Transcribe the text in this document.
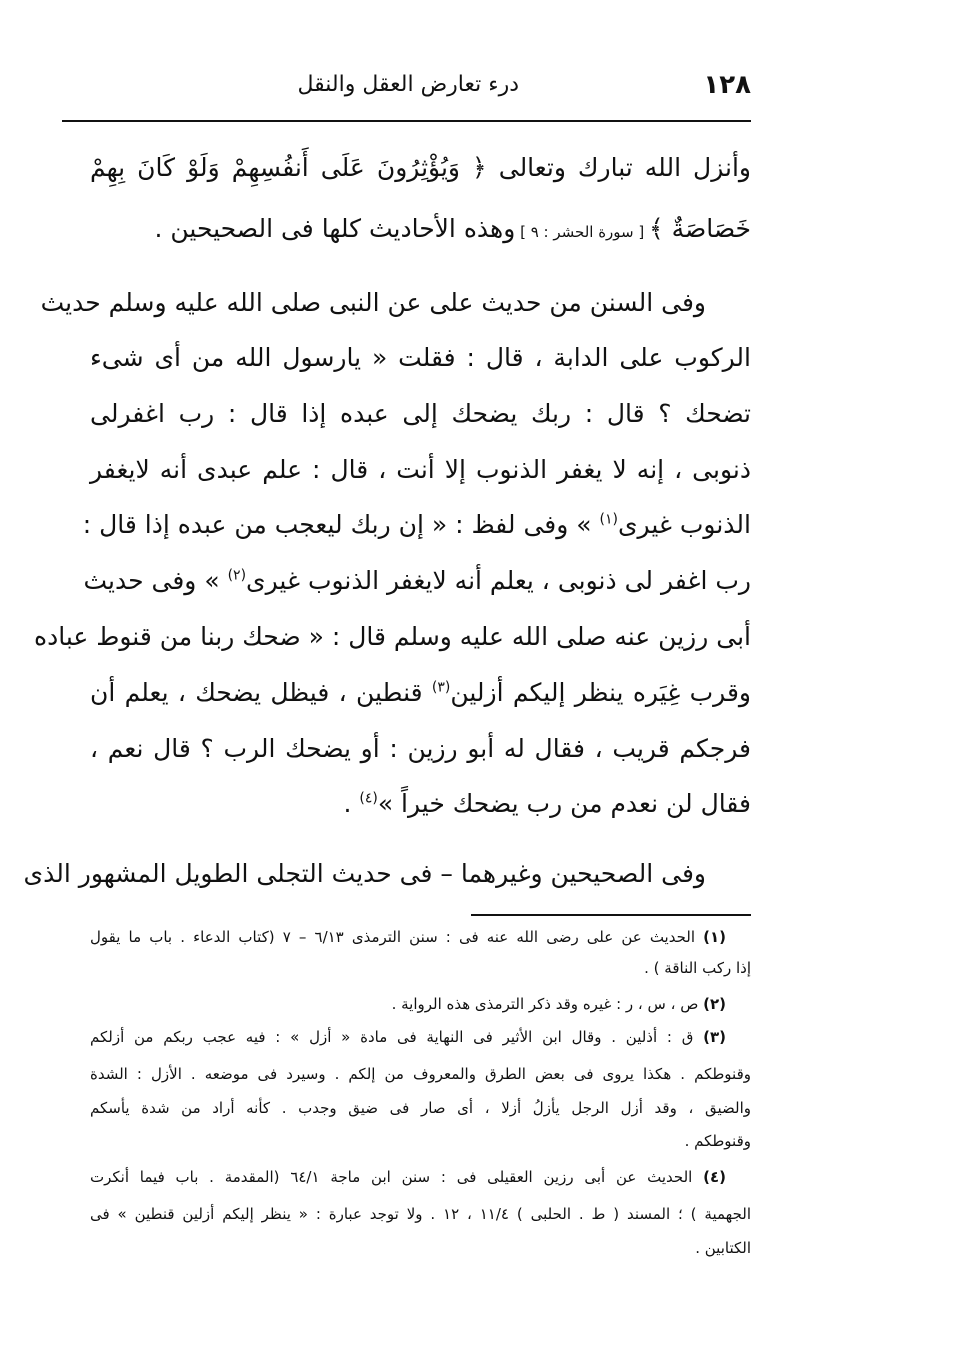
١٢٨
درء تعارض العقل والنقل
وأنزل الله تبارك وتعالى ﴿ وَيُؤْثِرُونَ عَلَى أَنفُسِهِمْ وَلَوْ كَانَ بِهِمْ
خَصَاصَةٌ ﴾ [ سورة الحشر : ٩ ] وهذه الأحاديث كلها فى الصحيحين .
وفى السنن من حديث على عن النبى صلى الله عليه وسلم حديث
الركوب على الدابة ، قال : فقلت « يارسول الله من أى شىء
تضحك ؟ قال : ربك يضحك إلى عبده إذا قال : رب اغفرلى
ذنوبى ، إنه لا يغفر الذنوب إلا أنت ، قال : علم عبدى أنه لايغفر
الذنوب غيرى$^{(١)}$ » وفى لفظ : « إن ربك ليعجب من عبده إذا قال :
رب اغفر لى ذنوبى ، يعلم أنه لايغفر الذنوب غيرى$^{(٢)}$ » وفى حديث
أبى رزين عنه صلى الله عليه وسلم قال : « ضحك ربنا من قنوط عباده
وقرب غِيَره ينظر إليكم أزلين$^{(٣)}$ قنطين ، فيظل يضحك ، يعلم أن
فرجكم قريب ، فقال له أبو رزين : أو يضحك الرب ؟ قال نعم ،
فقال لن نعدم من رب يضحك خيراً »$^{(٤)}$ .
وفى الصحيحين وغيرهما – فى حديث التجلى الطويل المشهور الذى
(١) الحديث عن على رضى الله عنه فى : سنن الترمذى ٦/١٣ – ٧ (كتاب الدعاء . باب ما يقول
إذا ركب الناقة ) .
(٢) ص ، س ، ر : غيره وقد ذكر الترمذى هذه الرواية .
(٣) ق : أذلين . وقال ابن الأثير فى النهاية فى مادة « أزل » : فيه عجب ربكم من أزلكم
وقنوطكم . هكذا يروى فى بعض الطرق والمعروف من إلكم . وسيرد فى موضعه . الأزل : الشدة
والضيق ، وقد أزل الرجل يأزلُ أزلا ، أى صار فى ضيق وجدب . كأنه أراد من شدة يأسكم
وقنوطكم .
(٤) الحديث عن أبى رزين العقيلى فى : سنن ابن ماجة ٦٤/١ (المقدمة . باب فيما أنكرت
الجهمية ) ؛ المسند ( ط . الحلبى ) ١١/٤ ، ١٢ . ولا توجد عبارة : « ينظر إليكم أزلين قنطين » فى
الكتابين .
